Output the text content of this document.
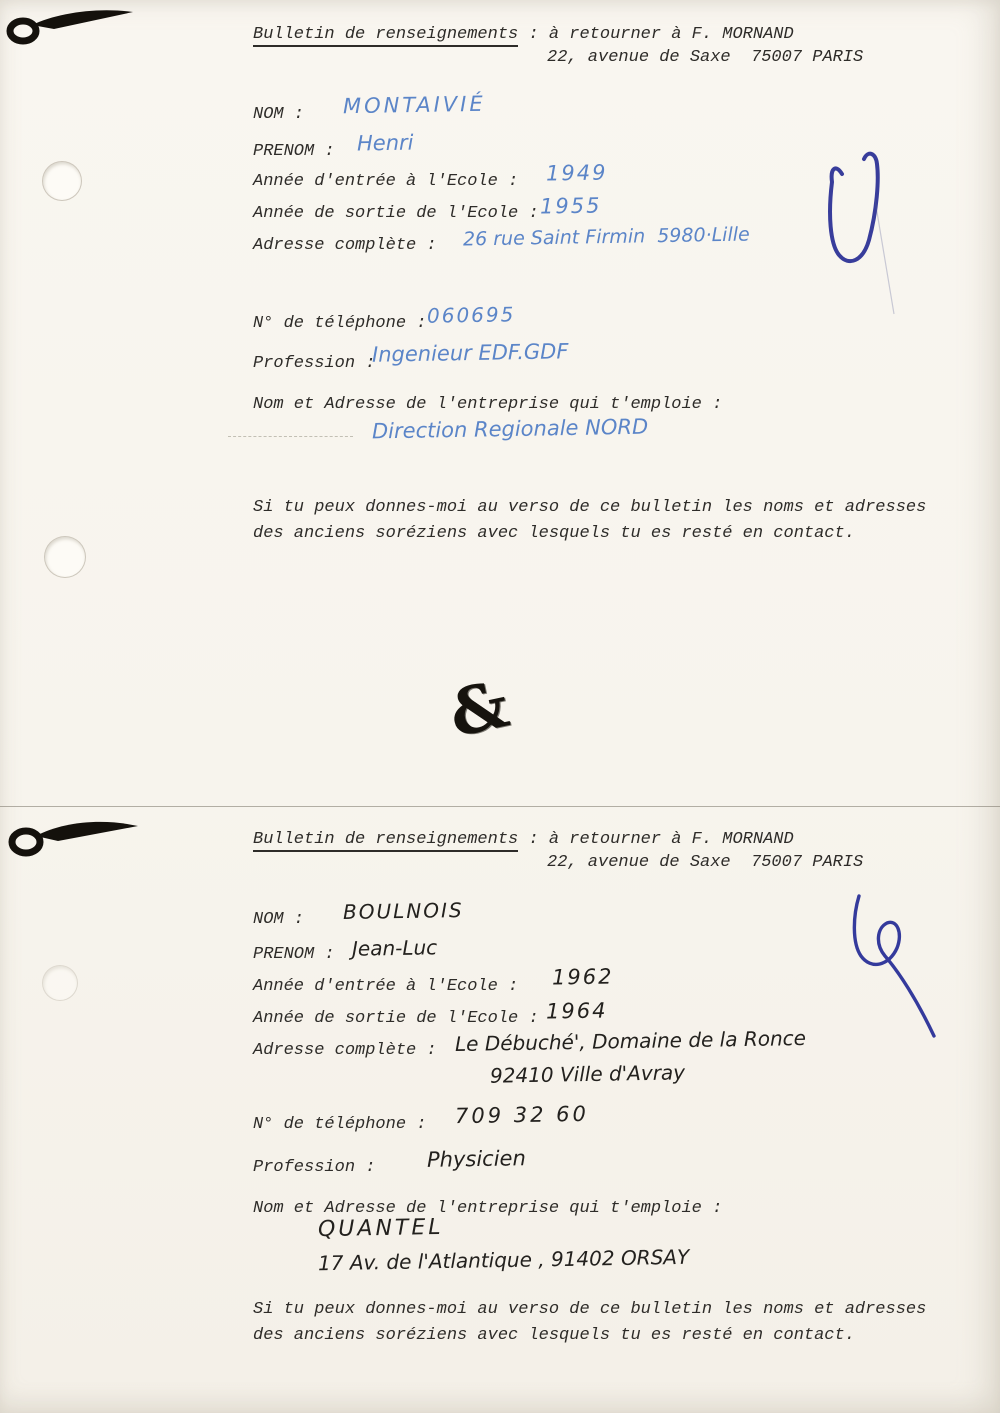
Bulletin de renseignements : à retourner à F. MORNAND
22, avenue de Saxe  75007 PARIS
NOM : MONTAIVIÉ
PRENOM : Henri
Année d'entrée à l'Ecole : 1949
Année de sortie de l'Ecole : 1955
Adresse complète : 26 rue Saint Firmin  5980·Lille
N° de téléphone : 060695
Profession :
Ingenieur EDF.GDF
Nom et Adresse de l'entreprise qui t'emploie :
Direction Regionale NORD
Si tu peux donnes-moi au verso de ce bulletin les noms et adresses
des anciens soréziens avec lesquels tu es resté en contact.
&
Bulletin de renseignements : à retourner à F. MORNAND
22, avenue de Saxe  75007 PARIS
NOM : BOULNOIS
PRENOM : Jean-Luc
Année d'entrée à l'Ecole : 1962
Année de sortie de l'Ecole : 1964
Adresse complète : Le Débuché', Domaine de la Ronce
92410 Ville d'Avray
N° de téléphone : 709 32 60
Profession : Physicien
Nom et Adresse de l'entreprise qui t'emploie :
QUANTEL
17 Av. de l'Atlantique , 91402 ORSAY
Si tu peux donnes-moi au verso de ce bulletin les noms et adresses
des anciens soréziens avec lesquels tu es resté en contact.
